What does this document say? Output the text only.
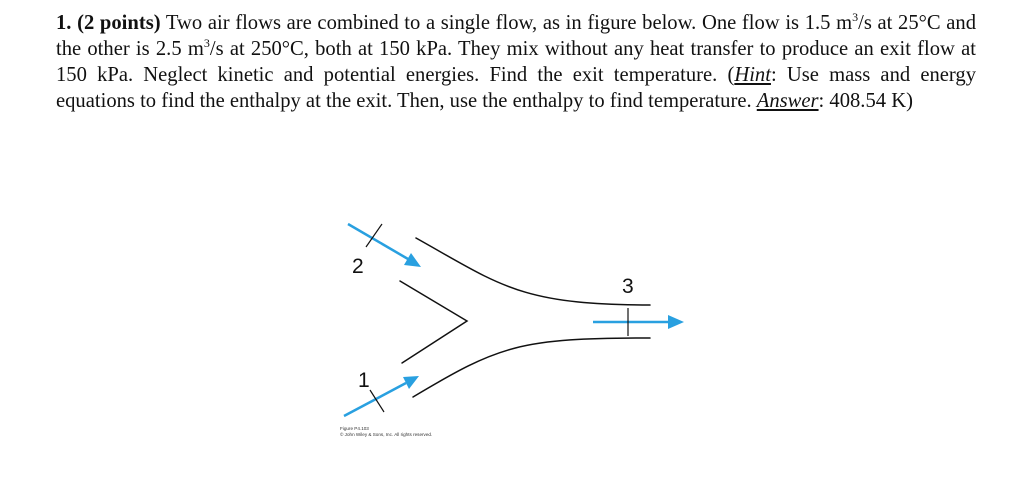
1. (2 points) Two air flows are combined to a single flow, as in figure below. One flow is 1.5 $m^3/s$ at 25°C and the other is 2.5 $m^3/s$ at 250°C, both at 150 kPa. They mix without any heat transfer to produce an exit flow at 150 kPa. Neglect kinetic and potential energies. Find the exit temperature. (Hint: Use mass and energy equations to find the enthalpy at the exit. Then, use the enthalpy to find temperature. Answer: 408.54 K)

2
1
3
Figure P4.103
© John Wiley & Sons, Inc. All rights reserved.
